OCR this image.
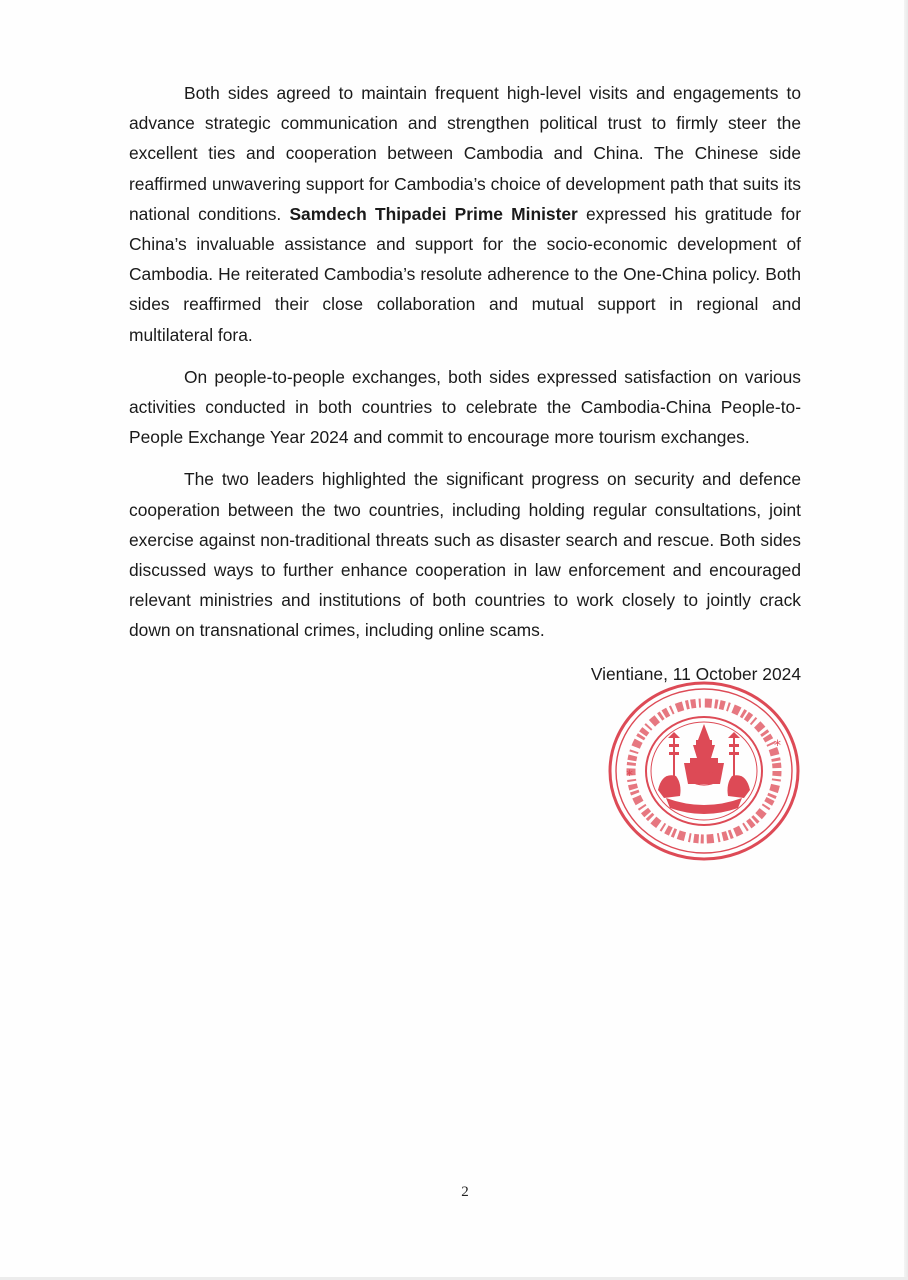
Both sides agreed to maintain frequent high-level visits and engagements to advance strategic communication and strengthen political trust to firmly steer the excellent ties and cooperation between Cambodia and China. The Chinese side reaffirmed unwavering support for Cambodia’s choice of development path that suits its national conditions. Samdech Thipadei Prime Minister expressed his gratitude for China’s invaluable assistance and support for the socio-economic development of Cambodia. He reiterated Cambodia’s resolute adherence to the One-China policy. Both sides reaffirmed their close collaboration and mutual support in regional and multilateral fora.

On people-to-people exchanges, both sides expressed satisfaction on various activities conducted in both countries to celebrate the Cambodia-China People-to-People Exchange Year 2024 and commit to encourage more tourism exchanges.

The two leaders highlighted the significant progress on security and defence cooperation between the two countries, including holding regular consultations, joint exercise against non-traditional threats such as disaster search and rescue. Both sides discussed ways to further enhance cooperation in law enforcement and encouraged relevant ministries and institutions of both countries to work closely to jointly crack down on transnational crimes, including online scams.

Vientiane, 11 October 2024
*
*
2
